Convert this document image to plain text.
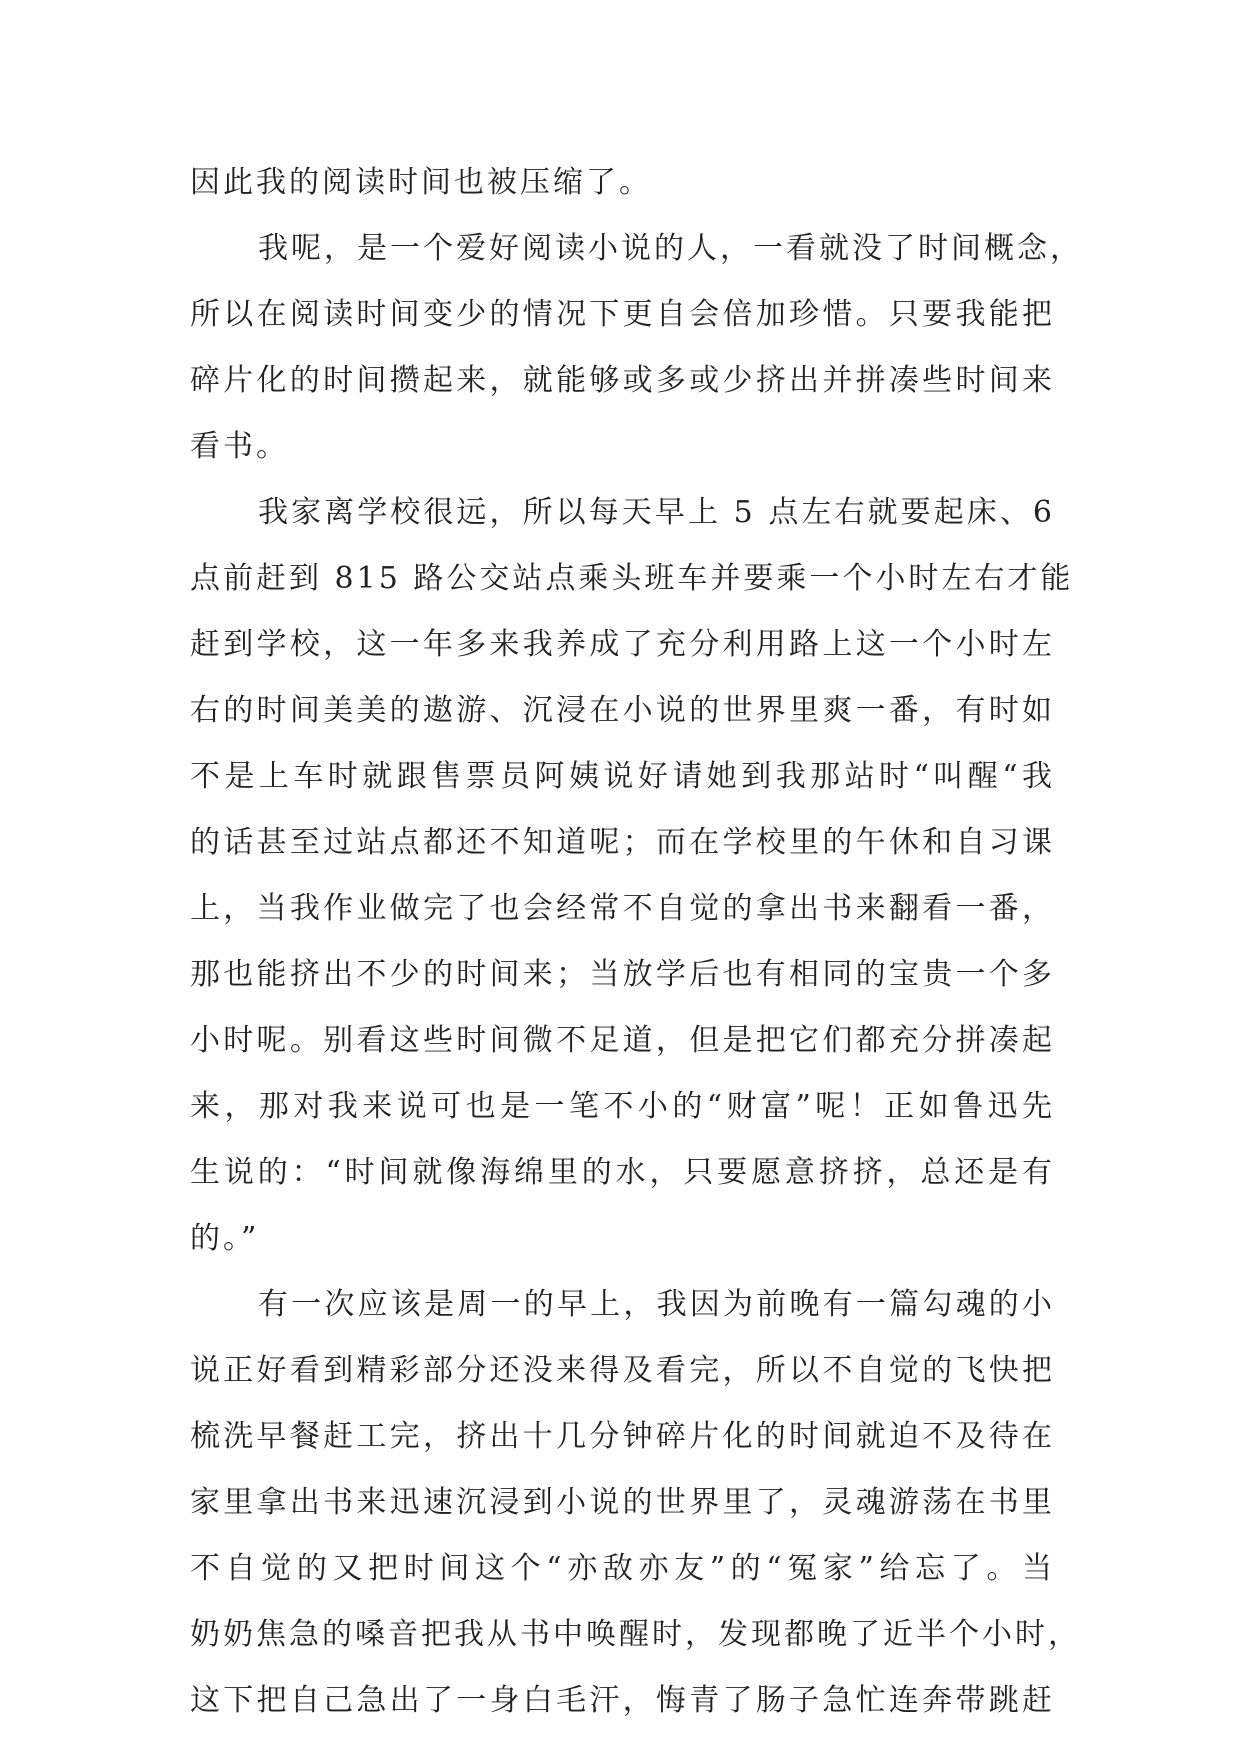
因此我的阅读时间也被压缩了。
我呢，是一个爱好阅读小说的人，一看就没了时间概念，
所以在阅读时间变少的情况下更自会倍加珍惜。只要我能把
碎片化的时间攒起来，就能够或多或少挤出并拼凑些时间来
看书。
我家离学校很远，所以每天早上 5 点左右就要起床、6
点前赶到 815 路公交站点乘头班车并要乘一个小时左右才能
赶到学校，这一年多来我养成了充分利用路上这一个小时左
右的时间美美的遨游、沉浸在小说的世界里爽一番，有时如
不是上车时就跟售票员阿姨说好请她到我那站时“叫醒“我
的话甚至过站点都还不知道呢；而在学校里的午休和自习课
上，当我作业做完了也会经常不自觉的拿出书来翻看一番，
那也能挤出不少的时间来；当放学后也有相同的宝贵一个多
小时呢。别看这些时间微不足道，但是把它们都充分拼凑起
来，那对我来说可也是一笔不小的“财富”呢！正如鲁迅先
生说的：“时间就像海绵里的水，只要愿意挤挤，总还是有
的。”
有一次应该是周一的早上，我因为前晚有一篇勾魂的小
说正好看到精彩部分还没来得及看完，所以不自觉的飞快把
梳洗早餐赶工完，挤出十几分钟碎片化的时间就迫不及待在
家里拿出书来迅速沉浸到小说的世界里了，灵魂游荡在书里
不自觉的又把时间这个“亦敌亦友”的“冤家”给忘了。当
奶奶焦急的嗓音把我从书中唤醒时，发现都晚了近半个小时，
这下把自己急出了一身白毛汗，悔青了肠子急忙连奔带跳赶
